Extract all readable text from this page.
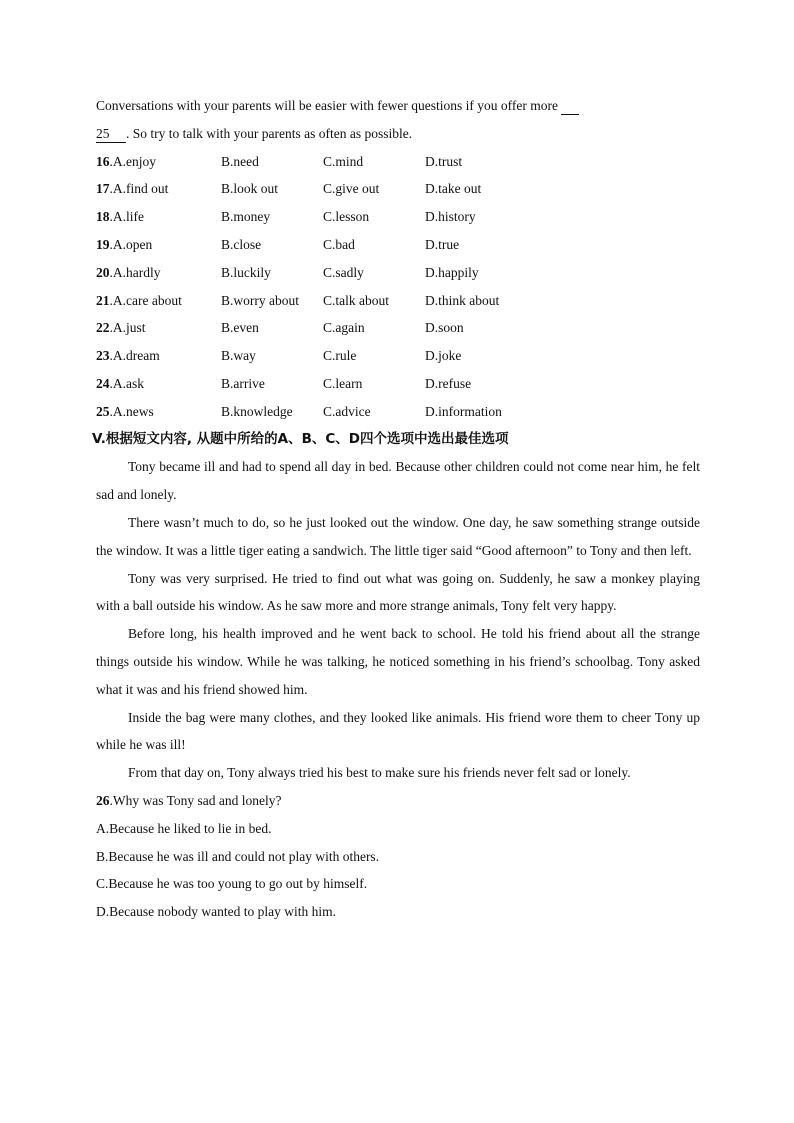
Conversations with your parents will be easier with fewer questions if you offer more
25 . So try to talk with your parents as often as possible.
16.A.enjoy	B.need	C.mind	D.trust
17.A.find out	B.look out	C.give out	D.take out
18.A.life	B.money	C.lesson	D.history
19.A.open	B.close	C.bad	D.true
20.A.hardly	B.luckily	C.sadly	D.happily
21.A.care about	B.worry about	C.talk about	D.think about
22.A.just	B.even	C.again	D.soon
23.A.dream	B.way	C.rule	D.joke
24.A.ask	B.arrive	C.learn	D.refuse
25.A.news	B.knowledge	C.advice	D.information
V.根据短文内容, 从题中所给的A、B、C、D四个选项中选出最佳选项

Tony became ill and had to spend all day in bed. Because other children could not come near him, he felt sad and lonely.

There wasn’t much to do, so he just looked out the window. One day, he saw something strange outside the window. It was a little tiger eating a sandwich. The little tiger said “Good afternoon” to Tony and then left.

Tony was very surprised. He tried to find out what was going on. Suddenly, he saw a monkey playing with a ball outside his window. As he saw more and more strange animals, Tony felt very happy.

Before long, his health improved and he went back to school. He told his friend about all the strange things outside his window. While he was talking, he noticed something in his friend’s schoolbag. Tony asked what it was and his friend showed him.

Inside the bag were many clothes, and they looked like animals. His friend wore them to cheer Tony up while he was ill!

From that day on, Tony always tried his best to make sure his friends never felt sad or lonely.

26.Why was Tony sad and lonely?
A.Because he liked to lie in bed.
B.Because he was ill and could not play with others.
C.Because he was too young to go out by himself.
D.Because nobody wanted to play with him.
